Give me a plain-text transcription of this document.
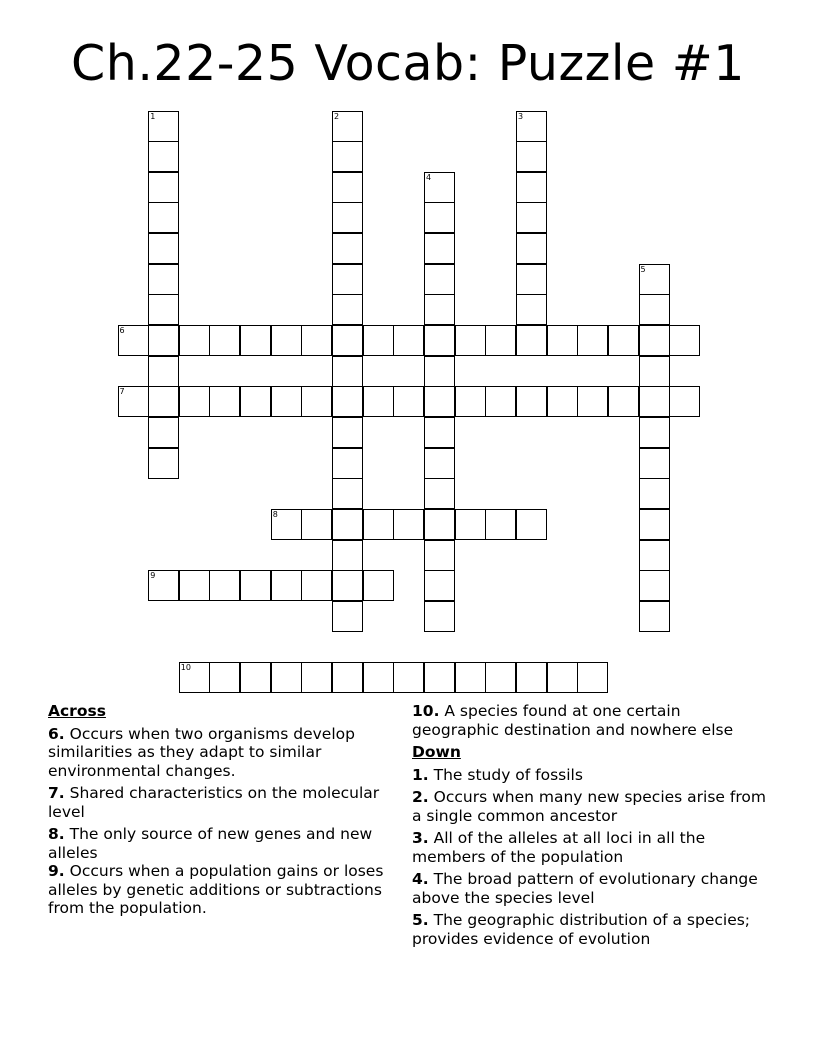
Ch.22-25 Vocab: Puzzle #1
1	2	3
4
5
6
7
8
9
10
Across
6. Occurs when two organisms develop similarities as they adapt to similar environmental changes.
7. Shared characteristics on the molecular level
8. The only source of new genes and new alleles
9. Occurs when a population gains or loses alleles by genetic additions or subtractions from the population.
10. A species found at one certain geographic destination and nowhere else
Down
1. The study of fossils
2. Occurs when many new species arise from a single common ancestor
3. All of the alleles at all loci in all the members of the population
4. The broad pattern of evolutionary change above the species level
5. The geographic distribution of a species; provides evidence of evolution
